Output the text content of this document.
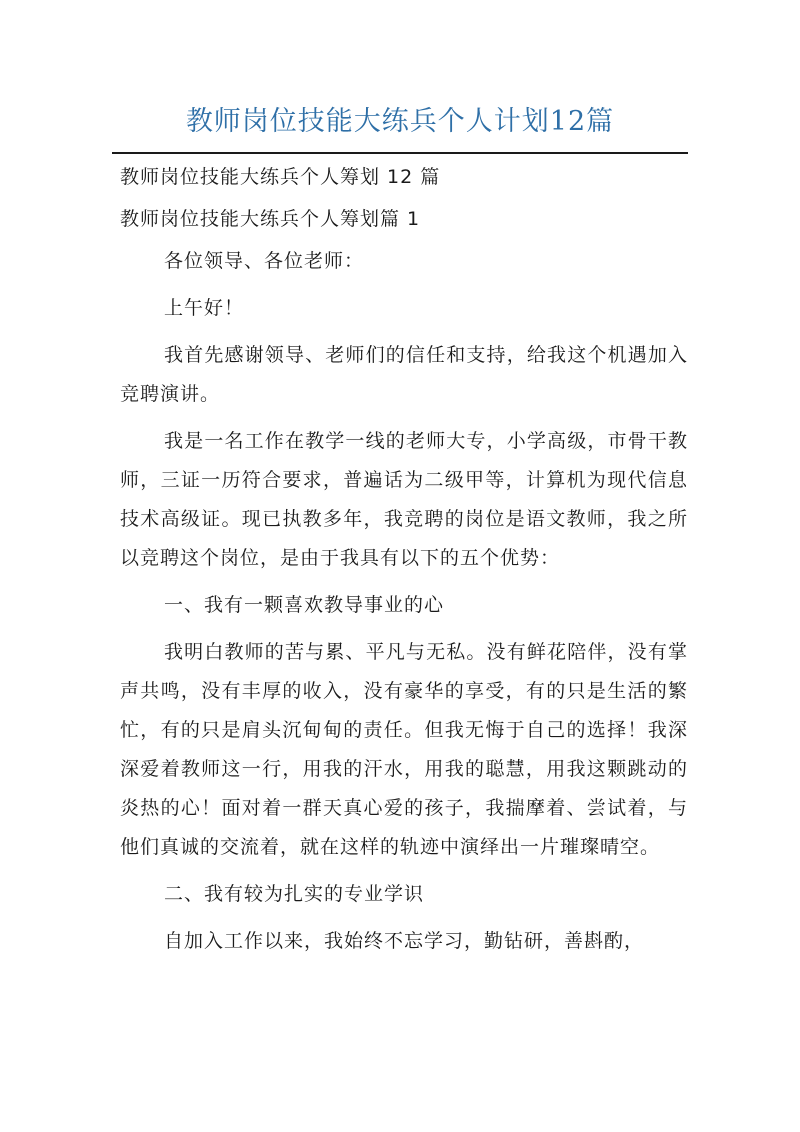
教师岗位技能大练兵个人计划12篇

教师岗位技能大练兵个人筹划 12 篇

教师岗位技能大练兵个人筹划篇 1

各位领导、各位老师：

上午好！

我首先感谢领导、老师们的信任和支持，给我这个机遇加入竞聘演讲。

我是一名工作在教学一线的老师大专，小学高级，市骨干教师，三证一历符合要求，普遍话为二级甲等，计算机为现代信息技术高级证。现已执教多年，我竞聘的岗位是语文教师，我之所以竞聘这个岗位，是由于我具有以下的五个优势：

一、我有一颗喜欢教导事业的心

我明白教师的苦与累、平凡与无私。没有鲜花陪伴，没有掌声共鸣，没有丰厚的收入，没有豪华的享受，有的只是生活的繁忙，有的只是肩头沉甸甸的责任。但我无悔于自己的选择！我深深爱着教师这一行，用我的汗水，用我的聪慧，用我这颗跳动的炎热的心！面对着一群天真心爱的孩子，我揣摩着、尝试着，与他们真诚的交流着，就在这样的轨迹中演绎出一片璀璨晴空。

二、我有较为扎实的专业学识

自加入工作以来，我始终不忘学习，勤钻研，善斟酌，
